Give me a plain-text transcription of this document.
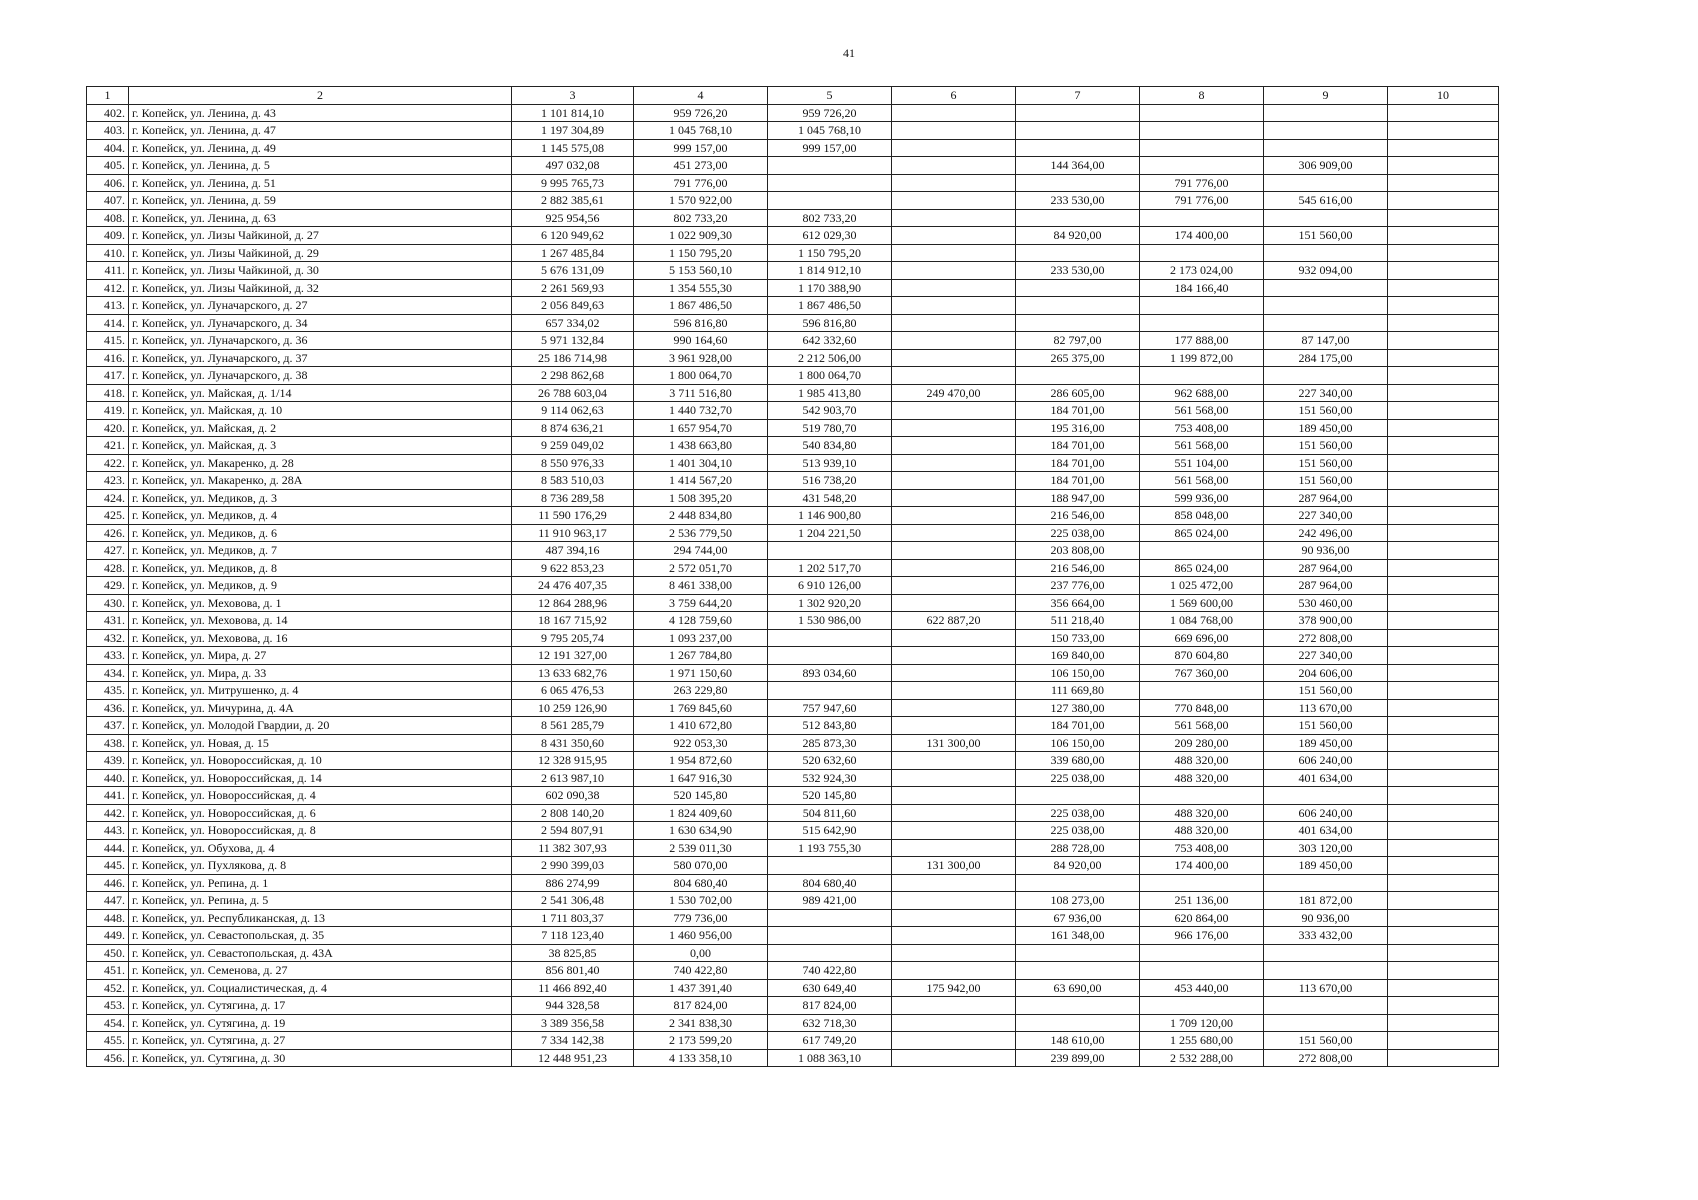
41
1	2	3	4	5	6	7	8	9	10
402.	г. Копейск, ул. Ленина, д. 43	1 101 814,10	959 726,20	959 726,20					
403.	г. Копейск, ул. Ленина, д. 47	1 197 304,89	1 045 768,10	1 045 768,10					
404.	г. Копейск, ул. Ленина, д. 49	1 145 575,08	999 157,00	999 157,00					
405.	г. Копейск, ул. Ленина, д. 5	497 032,08	451 273,00			144 364,00		306 909,00	
406.	г. Копейск, ул. Ленина, д. 51	9 995 765,73	791 776,00				791 776,00		
407.	г. Копейск, ул. Ленина, д. 59	2 882 385,61	1 570 922,00			233 530,00	791 776,00	545 616,00	
408.	г. Копейск, ул. Ленина, д. 63	925 954,56	802 733,20	802 733,20					
409.	г. Копейск, ул. Лизы Чайкиной, д. 27	6 120 949,62	1 022 909,30	612 029,30		84 920,00	174 400,00	151 560,00	
410.	г. Копейск, ул. Лизы Чайкиной, д. 29	1 267 485,84	1 150 795,20	1 150 795,20					
411.	г. Копейск, ул. Лизы Чайкиной, д. 30	5 676 131,09	5 153 560,10	1 814 912,10		233 530,00	2 173 024,00	932 094,00	
412.	г. Копейск, ул. Лизы Чайкиной, д. 32	2 261 569,93	1 354 555,30	1 170 388,90			184 166,40		
413.	г. Копейск, ул. Луначарского, д. 27	2 056 849,63	1 867 486,50	1 867 486,50					
414.	г. Копейск, ул. Луначарского, д. 34	657 334,02	596 816,80	596 816,80					
415.	г. Копейск, ул. Луначарского, д. 36	5 971 132,84	990 164,60	642 332,60		82 797,00	177 888,00	87 147,00	
416.	г. Копейск, ул. Луначарского, д. 37	25 186 714,98	3 961 928,00	2 212 506,00		265 375,00	1 199 872,00	284 175,00	
417.	г. Копейск, ул. Луначарского, д. 38	2 298 862,68	1 800 064,70	1 800 064,70					
418.	г. Копейск, ул. Майская, д. 1/14	26 788 603,04	3 711 516,80	1 985 413,80	249 470,00	286 605,00	962 688,00	227 340,00	
419.	г. Копейск, ул. Майская, д. 10	9 114 062,63	1 440 732,70	542 903,70		184 701,00	561 568,00	151 560,00	
420.	г. Копейск, ул. Майская, д. 2	8 874 636,21	1 657 954,70	519 780,70		195 316,00	753 408,00	189 450,00	
421.	г. Копейск, ул. Майская, д. 3	9 259 049,02	1 438 663,80	540 834,80		184 701,00	561 568,00	151 560,00	
422.	г. Копейск, ул. Макаренко, д. 28	8 550 976,33	1 401 304,10	513 939,10		184 701,00	551 104,00	151 560,00	
423.	г. Копейск, ул. Макаренко, д. 28А	8 583 510,03	1 414 567,20	516 738,20		184 701,00	561 568,00	151 560,00	
424.	г. Копейск, ул. Медиков, д. 3	8 736 289,58	1 508 395,20	431 548,20		188 947,00	599 936,00	287 964,00	
425.	г. Копейск, ул. Медиков, д. 4	11 590 176,29	2 448 834,80	1 146 900,80		216 546,00	858 048,00	227 340,00	
426.	г. Копейск, ул. Медиков, д. 6	11 910 963,17	2 536 779,50	1 204 221,50		225 038,00	865 024,00	242 496,00	
427.	г. Копейск, ул. Медиков, д. 7	487 394,16	294 744,00			203 808,00		90 936,00	
428.	г. Копейск, ул. Медиков, д. 8	9 622 853,23	2 572 051,70	1 202 517,70		216 546,00	865 024,00	287 964,00	
429.	г. Копейск, ул. Медиков, д. 9	24 476 407,35	8 461 338,00	6 910 126,00		237 776,00	1 025 472,00	287 964,00	
430.	г. Копейск, ул. Меховова, д. 1	12 864 288,96	3 759 644,20	1 302 920,20		356 664,00	1 569 600,00	530 460,00	
431.	г. Копейск, ул. Меховова, д. 14	18 167 715,92	4 128 759,60	1 530 986,00	622 887,20	511 218,40	1 084 768,00	378 900,00	
432.	г. Копейск, ул. Меховова, д. 16	9 795 205,74	1 093 237,00			150 733,00	669 696,00	272 808,00	
433.	г. Копейск, ул. Мира, д. 27	12 191 327,00	1 267 784,80			169 840,00	870 604,80	227 340,00	
434.	г. Копейск, ул. Мира, д. 33	13 633 682,76	1 971 150,60	893 034,60		106 150,00	767 360,00	204 606,00	
435.	г. Копейск, ул. Митрушенко, д. 4	6 065 476,53	263 229,80			111 669,80		151 560,00	
436.	г. Копейск, ул. Мичурина, д. 4А	10 259 126,90	1 769 845,60	757 947,60		127 380,00	770 848,00	113 670,00	
437.	г. Копейск, ул. Молодой Гвардии, д. 20	8 561 285,79	1 410 672,80	512 843,80		184 701,00	561 568,00	151 560,00	
438.	г. Копейск, ул. Новая, д. 15	8 431 350,60	922 053,30	285 873,30	131 300,00	106 150,00	209 280,00	189 450,00	
439.	г. Копейск, ул. Новороссийская, д. 10	12 328 915,95	1 954 872,60	520 632,60		339 680,00	488 320,00	606 240,00	
440.	г. Копейск, ул. Новороссийская, д. 14	2 613 987,10	1 647 916,30	532 924,30		225 038,00	488 320,00	401 634,00	
441.	г. Копейск, ул. Новороссийская, д. 4	602 090,38	520 145,80	520 145,80					
442.	г. Копейск, ул. Новороссийская, д. 6	2 808 140,20	1 824 409,60	504 811,60		225 038,00	488 320,00	606 240,00	
443.	г. Копейск, ул. Новороссийская, д. 8	2 594 807,91	1 630 634,90	515 642,90		225 038,00	488 320,00	401 634,00	
444.	г. Копейск, ул. Обухова, д. 4	11 382 307,93	2 539 011,30	1 193 755,30		288 728,00	753 408,00	303 120,00	
445.	г. Копейск, ул. Пухлякова, д. 8	2 990 399,03	580 070,00		131 300,00	84 920,00	174 400,00	189 450,00	
446.	г. Копейск, ул. Репина, д. 1	886 274,99	804 680,40	804 680,40					
447.	г. Копейск, ул. Репина, д. 5	2 541 306,48	1 530 702,00	989 421,00		108 273,00	251 136,00	181 872,00	
448.	г. Копейск, ул. Республиканская, д. 13	1 711 803,37	779 736,00			67 936,00	620 864,00	90 936,00	
449.	г. Копейск, ул. Севастопольская, д. 35	7 118 123,40	1 460 956,00			161 348,00	966 176,00	333 432,00	
450.	г. Копейск, ул. Севастопольская, д. 43А	38 825,85	0,00						
451.	г. Копейск, ул. Семенова, д. 27	856 801,40	740 422,80	740 422,80					
452.	г. Копейск, ул. Социалистическая, д. 4	11 466 892,40	1 437 391,40	630 649,40	175 942,00	63 690,00	453 440,00	113 670,00	
453.	г. Копейск, ул. Сутягина, д. 17	944 328,58	817 824,00	817 824,00					
454.	г. Копейск, ул. Сутягина, д. 19	3 389 356,58	2 341 838,30	632 718,30			1 709 120,00		
455.	г. Копейск, ул. Сутягина, д. 27	7 334 142,38	2 173 599,20	617 749,20		148 610,00	1 255 680,00	151 560,00	
456.	г. Копейск, ул. Сутягина, д. 30	12 448 951,23	4 133 358,10	1 088 363,10		239 899,00	2 532 288,00	272 808,00	
